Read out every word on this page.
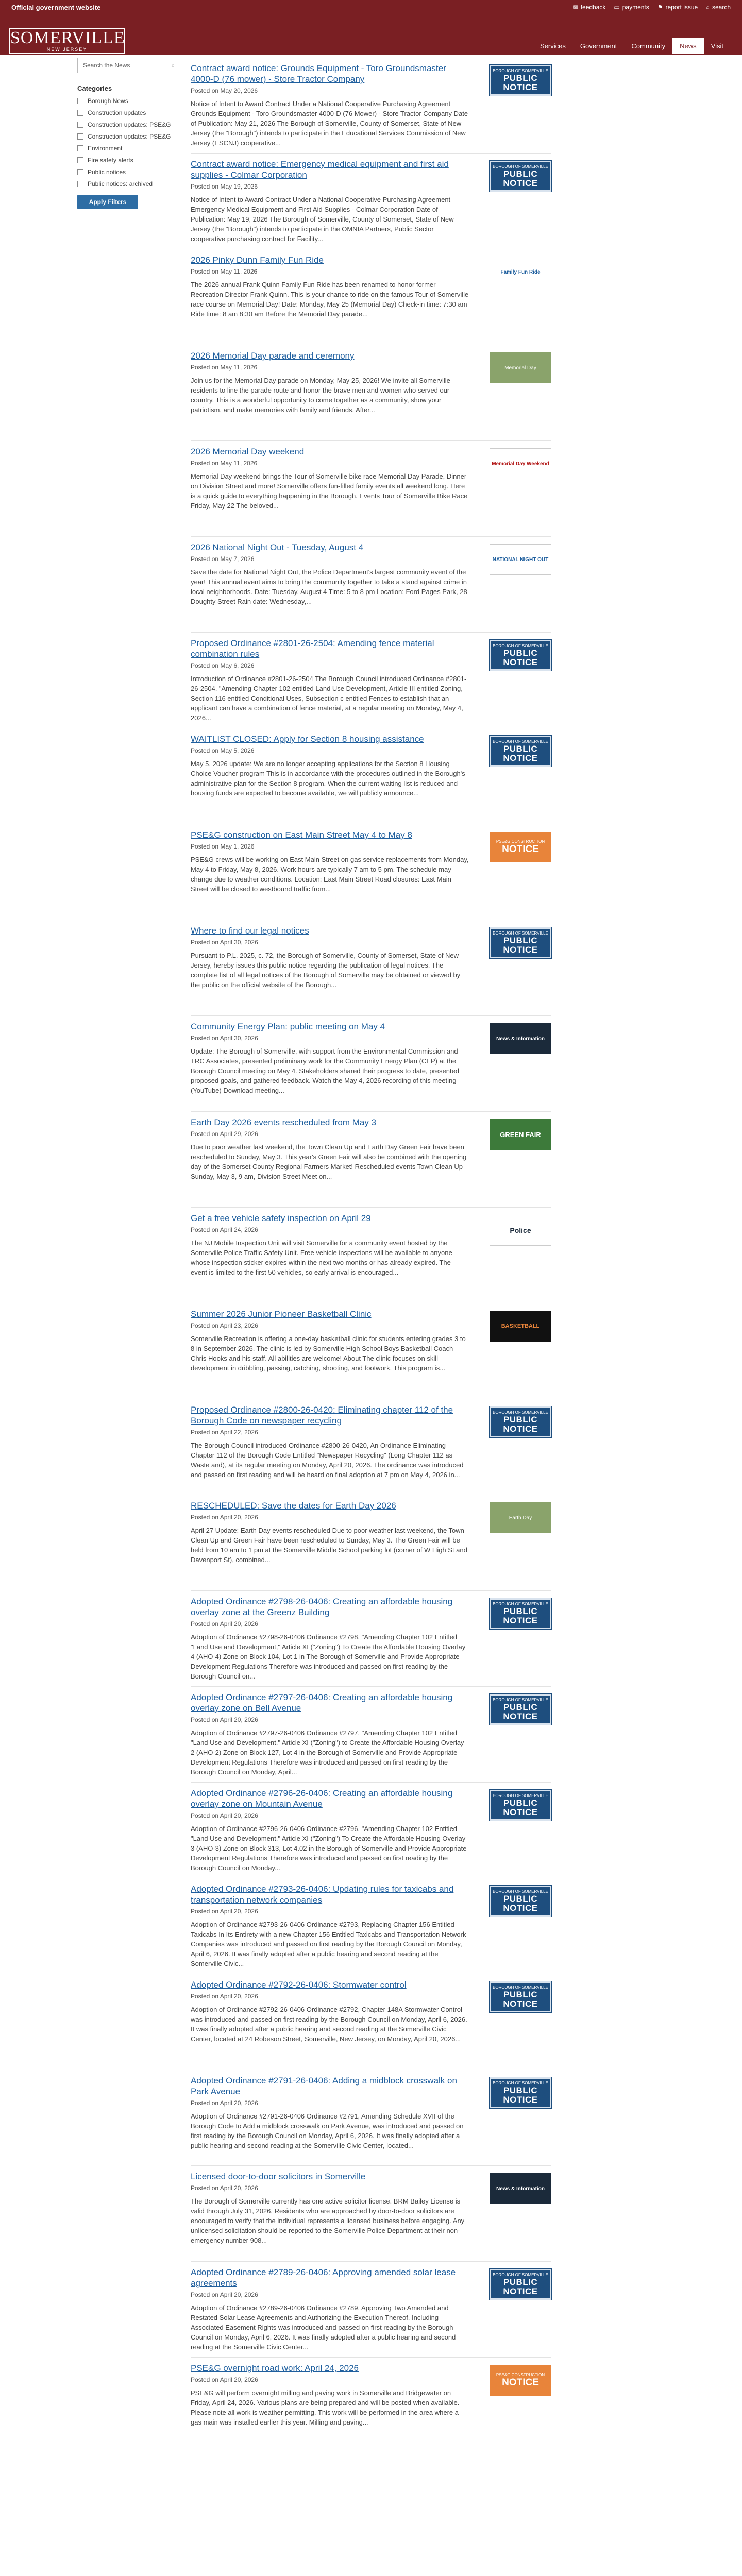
Official government website	✉ feedback ▭ payments ⚑ report issue ⌕ search
SOMERVILLE
NEW JERSEY	Services	Government	Community	News	Visit
Search the News	⌕
Categories
Borough News
Construction updates
Construction updates: PSE&G
Construction updates: PSE&G
Environment
Fire safety alerts
Public notices
Public notices: archived
Apply Filters
Contract award notice: Grounds Equipment - Toro Groundsmaster 4000-D (76 mower) - Store Tractor Company
Posted on May 20, 2026
Notice of Intent to Award Contract Under a National Cooperative Purchasing Agreement Grounds Equipment - Toro Groundsmaster 4000-D (76 Mower) - Store Tractor Company Date of Publication: May 21, 2026 The Borough of Somerville, County of Somerset, State of New Jersey (the "Borough") intends to participate in the Educational Services Commission of New Jersey (ESCNJ) cooperative...
BOROUGH OF SOMERVILLE
PUBLIC NOTICE
Contract award notice: Emergency medical equipment and first aid supplies - Colmar Corporation
Posted on May 19, 2026
Notice of Intent to Award Contract Under a National Cooperative Purchasing Agreement Emergency Medical Equipment and First Aid Supplies - Colmar Corporation Date of Publication: May 19, 2026 The Borough of Somerville, County of Somerset, State of New Jersey (the "Borough") intends to participate in the OMNIA Partners, Public Sector cooperative purchasing contract for Facility...
BOROUGH OF SOMERVILLE
PUBLIC NOTICE
2026 Pinky Dunn Family Fun Ride
Posted on May 11, 2026
The 2026 annual Frank Quinn Family Fun Ride has been renamed to honor former Recreation Director Frank Quinn. This is your chance to ride on the famous Tour of Somerville race course on Memorial Day! Date: Monday, May 25 (Memorial Day) Check-in time: 7:30 am Ride time: 8 am 8:30 am Before the Memorial Day parade...
Family Fun Ride
2026 Memorial Day parade and ceremony
Posted on May 11, 2026
Join us for the Memorial Day parade on Monday, May 25, 2026! We invite all Somerville residents to line the parade route and honor the brave men and women who served our country. This is a wonderful opportunity to come together as a community, show your patriotism, and make memories with family and friends. After...
Memorial Day
2026 Memorial Day weekend
Posted on May 11, 2026
Memorial Day weekend brings the Tour of Somerville bike race Memorial Day Parade, Dinner on Division Street and more! Somerville offers fun-filled family events all weekend long. Here is a quick guide to everything happening in the Borough. Events Tour of Somerville Bike Race Friday, May 22 The beloved...
Memorial Day Weekend
2026 National Night Out - Tuesday, August 4
Posted on May 7, 2026
Save the date for National Night Out, the Police Department's largest community event of the year! This annual event aims to bring the community together to take a stand against crime in local neighborhoods. Date: Tuesday, August 4 Time: 5 to 8 pm Location: Ford Pages Park, 28 Doughty Street Rain date: Wednesday,...
NATIONAL NIGHT OUT
Proposed Ordinance #2801-26-2504: Amending fence material combination rules
Posted on May 6, 2026
Introduction of Ordinance #2801-26-2504 The Borough Council introduced Ordinance #2801-26-2504, "Amending Chapter 102 entitled Land Use Development, Article III entitled Zoning, Section 116 entitled Conditional Uses, Subsection c entitled Fences to establish that an applicant can have a combination of fence material, at a regular meeting on Monday, May 4, 2026...
BOROUGH OF SOMERVILLE
PUBLIC NOTICE
WAITLIST CLOSED: Apply for Section 8 housing assistance
Posted on May 5, 2026
May 5, 2026 update: We are no longer accepting applications for the Section 8 Housing Choice Voucher program This is in accordance with the procedures outlined in the Borough's administrative plan for the Section 8 program. When the current waiting list is reduced and housing funds are expected to become available, we will publicly announce...
BOROUGH OF SOMERVILLE
PUBLIC NOTICE
PSE&G construction on East Main Street May 4 to May 8
Posted on May 1, 2026
PSE&G crews will be working on East Main Street on gas service replacements from Monday, May 4 to Friday, May 8, 2026. Work hours are typically 7 am to 5 pm. The schedule may change due to weather conditions. Location: East Main Street Road closures: East Main Street will be closed to westbound traffic from...
PSE&G CONSTRUCTION
NOTICE
Where to find our legal notices
Posted on April 30, 2026
Pursuant to P.L. 2025, c. 72, the Borough of Somerville, County of Somerset, State of New Jersey, hereby issues this public notice regarding the publication of legal notices. The complete list of all legal notices of the Borough of Somerville may be obtained or viewed by the public on the official website of the Borough...
BOROUGH OF SOMERVILLE
PUBLIC NOTICE
Community Energy Plan: public meeting on May 4
Posted on April 30, 2026
Update: The Borough of Somerville, with support from the Environmental Commission and TRC Associates, presented preliminary work for the Community Energy Plan (CEP) at the Borough Council meeting on May 4. Stakeholders shared their progress to date, presented proposed goals, and gathered feedback. Watch the May 4, 2026 recording of this meeting (YouTube) Download meeting...
News & Information
Earth Day 2026 events rescheduled from May 3
Posted on April 29, 2026
Due to poor weather last weekend, the Town Clean Up and Earth Day Green Fair have been rescheduled to Sunday, May 3. This year's Green Fair will also be combined with the opening day of the Somerset County Regional Farmers Market! Rescheduled events Town Clean Up Sunday, May 3, 9 am, Division Street Meet on...
GREEN FAIR
Get a free vehicle safety inspection on April 29
Posted on April 24, 2026
The NJ Mobile Inspection Unit will visit Somerville for a community event hosted by the Somerville Police Traffic Safety Unit. Free vehicle inspections will be available to anyone whose inspection sticker expires within the next two months or has already expired. The event is limited to the first 50 vehicles, so early arrival is encouraged...
Police
Summer 2026 Junior Pioneer Basketball Clinic
Posted on April 23, 2026
Somerville Recreation is offering a one-day basketball clinic for students entering grades 3 to 8 in September 2026. The clinic is led by Somerville High School Boys Basketball Coach Chris Hooks and his staff. All abilities are welcome! About The clinic focuses on skill development in dribbling, passing, catching, shooting, and footwork. This program is...
BASKETBALL
Proposed Ordinance #2800-26-0420: Eliminating chapter 112 of the Borough Code on newspaper recycling
Posted on April 22, 2026
The Borough Council introduced Ordinance #2800-26-0420, An Ordinance Eliminating Chapter 112 of the Borough Code Entitled "Newspaper Recycling" (Long Chapter 112 as Waste and), at its regular meeting on Monday, April 20, 2026. The ordinance was introduced and passed on first reading and will be heard on final adoption at 7 pm on May 4, 2026 in...
BOROUGH OF SOMERVILLE
PUBLIC NOTICE
RESCHEDULED: Save the dates for Earth Day 2026
Posted on April 20, 2026
April 27 Update: Earth Day events rescheduled Due to poor weather last weekend, the Town Clean Up and Green Fair have been rescheduled to Sunday, May 3. The Green Fair will be held from 10 am to 1 pm at the Somerville Middle School parking lot (corner of W High St and Davenport St), combined...
Earth Day
Adopted Ordinance #2798-26-0406: Creating an affordable housing overlay zone at the Greenz Building
Posted on April 20, 2026
Adoption of Ordinance #2798-26-0406 Ordinance #2798, "Amending Chapter 102 Entitled "Land Use and Development," Article XI ("Zoning") To Create the Affordable Housing Overlay 4 (AHO-4) Zone on Block 104, Lot 1 in The Borough of Somerville and Provide Appropriate Development Regulations Therefore was introduced and passed on first reading by the Borough Council on...
BOROUGH OF SOMERVILLE
PUBLIC NOTICE
Adopted Ordinance #2797-26-0406: Creating an affordable housing overlay zone on Bell Avenue
Posted on April 20, 2026
Adoption of Ordinance #2797-26-0406 Ordinance #2797, "Amending Chapter 102 Entitled "Land Use and Development," Article XI ("Zoning") to Create the Affordable Housing Overlay 2 (AHO-2) Zone on Block 127, Lot 4 in the Borough of Somerville and Provide Appropriate Development Regulations Therefore was introduced and passed on first reading by the Borough Council on Monday, April...
BOROUGH OF SOMERVILLE
PUBLIC NOTICE
Adopted Ordinance #2796-26-0406: Creating an affordable housing overlay zone on Mountain Avenue
Posted on April 20, 2026
Adoption of Ordinance #2796-26-0406 Ordinance #2796, "Amending Chapter 102 Entitled "Land Use and Development," Article XI ("Zoning") To Create the Affordable Housing Overlay 3 (AHO-3) Zone on Block 313, Lot 4.02 in the Borough of Somerville and Provide Appropriate Development Regulations Therefore was introduced and passed on first reading by the Borough Council on Monday...
BOROUGH OF SOMERVILLE
PUBLIC NOTICE
Adopted Ordinance #2793-26-0406: Updating rules for taxicabs and transportation network companies
Posted on April 20, 2026
Adoption of Ordinance #2793-26-0406 Ordinance #2793, Replacing Chapter 156 Entitled Taxicabs In Its Entirety with a new Chapter 156 Entitled Taxicabs and Transportation Network Companies was introduced and passed on first reading by the Borough Council on Monday, April 6, 2026. It was finally adopted after a public hearing and second reading at the Somerville Civic...
BOROUGH OF SOMERVILLE
PUBLIC NOTICE
Adopted Ordinance #2792-26-0406: Stormwater control
Posted on April 20, 2026
Adoption of Ordinance #2792-26-0406 Ordinance #2792, Chapter 148A Stormwater Control was introduced and passed on first reading by the Borough Council on Monday, April 6, 2026. It was finally adopted after a public hearing and second reading at the Somerville Civic Center, located at 24 Robeson Street, Somerville, New Jersey, on Monday, April 20, 2026...
BOROUGH OF SOMERVILLE
PUBLIC NOTICE
Adopted Ordinance #2791-26-0406: Adding a midblock crosswalk on Park Avenue
Posted on April 20, 2026
Adoption of Ordinance #2791-26-0406 Ordinance #2791, Amending Schedule XVII of the Borough Code to Add a midblock crosswalk on Park Avenue, was introduced and passed on first reading by the Borough Council on Monday, April 6, 2026. It was finally adopted after a public hearing and second reading at the Somerville Civic Center, located...
BOROUGH OF SOMERVILLE
PUBLIC NOTICE
Licensed door-to-door solicitors in Somerville
Posted on April 20, 2026
The Borough of Somerville currently has one active solicitor license. BRM Bailey License is valid through July 31, 2026. Residents who are approached by door-to-door solicitors are encouraged to verify that the individual represents a licensed business before engaging. Any unlicensed solicitation should be reported to the Somerville Police Department at their non-emergency number 908...
News & Information
Adopted Ordinance #2789-26-0406: Approving amended solar lease agreements
Posted on April 20, 2026
Adoption of Ordinance #2789-26-0406 Ordinance #2789, Approving Two Amended and Restated Solar Lease Agreements and Authorizing the Execution Thereof, Including Associated Easement Rights was introduced and passed on first reading by the Borough Council on Monday, April 6, 2026. It was finally adopted after a public hearing and second reading at the Somerville Civic Center...
BOROUGH OF SOMERVILLE
PUBLIC NOTICE
PSE&G overnight road work: April 24, 2026
Posted on April 20, 2026
PSE&G will perform overnight milling and paving work in Somerville and Bridgewater on Friday, April 24, 2026. Various plans are being prepared and will be posted when available. Please note all work is weather permitting. This work will be performed in the area where a gas main was installed earlier this year. Milling and paving...
PSE&G CONSTRUCTION
NOTICE
